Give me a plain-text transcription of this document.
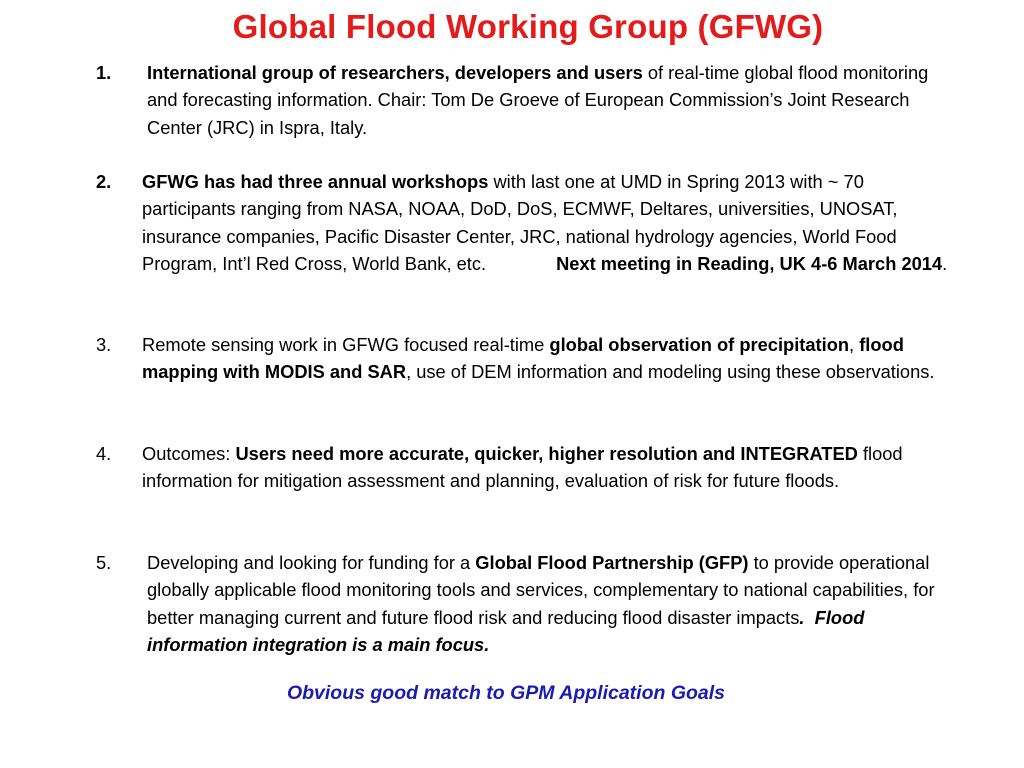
Global Flood Working Group (GFWG)
1. International group of researchers, developers and users of real-time global flood monitoring and forecasting information. Chair: Tom De Groeve of European Commission’s Joint Research Center (JRC) in Ispra, Italy.
2. GFWG has had three annual workshops with last one at UMD in Spring 2013 with ~ 70 participants ranging from NASA, NOAA, DoD, DoS, ECMWF, Deltares, universities, UNOSAT, insurance companies, Pacific Disaster Center, JRC, national hydrology agencies, World Food Program, Int’l Red Cross, World Bank, etc.	Next meeting in Reading, UK 4-6 March 2014.
3. Remote sensing work in GFWG focused real-time global observation of precipitation, flood mapping with MODIS and SAR, use of DEM information and modeling using these observations.
4. Outcomes: Users need more accurate, quicker, higher resolution and INTEGRATED flood information for mitigation assessment and planning, evaluation of risk for future floods.
5. Developing and looking for funding for a Global Flood Partnership (GFP) to provide operational globally applicable flood monitoring tools and services, complementary to national capabilities, for better managing current and future flood risk and reducing flood disaster impacts. Flood information integration is a main focus.
Obvious good match to GPM Application Goals
